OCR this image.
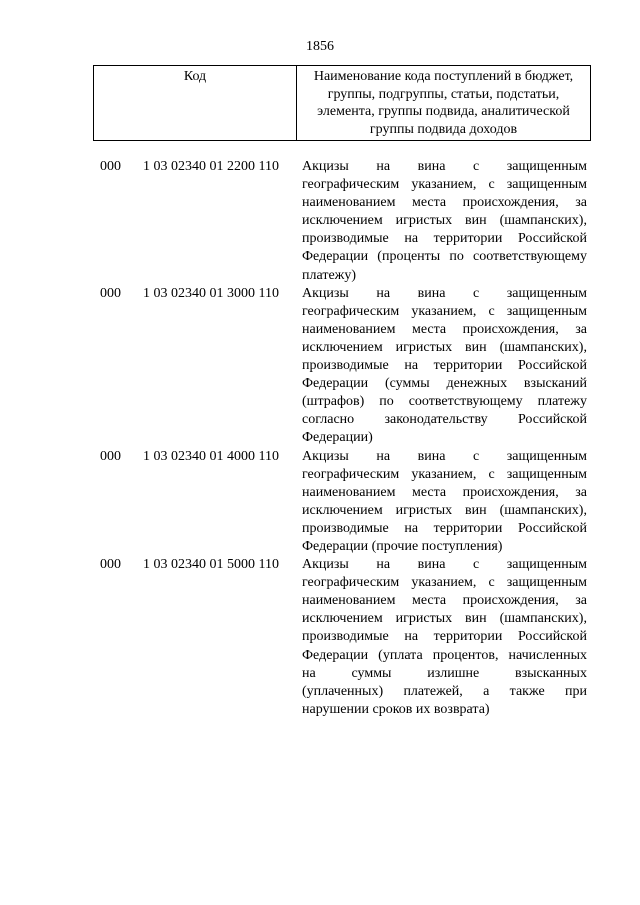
1856
Код	Наименование кода поступлений в бюджет,
группы, подгруппы, статьи, подстатьи,
элемента, группы подвида, аналитической
группы подвида доходов
000 1 03 02340 01 2200 110 Акцизы на вина с защищенным
географическим указанием, с защищенным
наименованием места происхождения, за
исключением игристых вин (шампанских),
производимые на территории Российской
Федерации (проценты по соответствующему
платежу)
000 1 03 02340 01 3000 110 Акцизы на вина с защищенным
географическим указанием, с защищенным
наименованием места происхождения, за
исключением игристых вин (шампанских),
производимые на территории Российской
Федерации (суммы денежных взысканий
(штрафов) по соответствующему платежу
согласно законодательству Российской
Федерации)
000 1 03 02340 01 4000 110 Акцизы на вина с защищенным
географическим указанием, с защищенным
наименованием места происхождения, за
исключением игристых вин (шампанских),
производимые на территории Российской
Федерации (прочие поступления)
000 1 03 02340 01 5000 110 Акцизы на вина с защищенным
географическим указанием, с защищенным
наименованием места происхождения, за
исключением игристых вин (шампанских),
производимые на территории Российской
Федерации (уплата процентов, начисленных
на	суммы	излишне	взысканных
(уплаченных) платежей, а также при
нарушении сроков их возврата)
